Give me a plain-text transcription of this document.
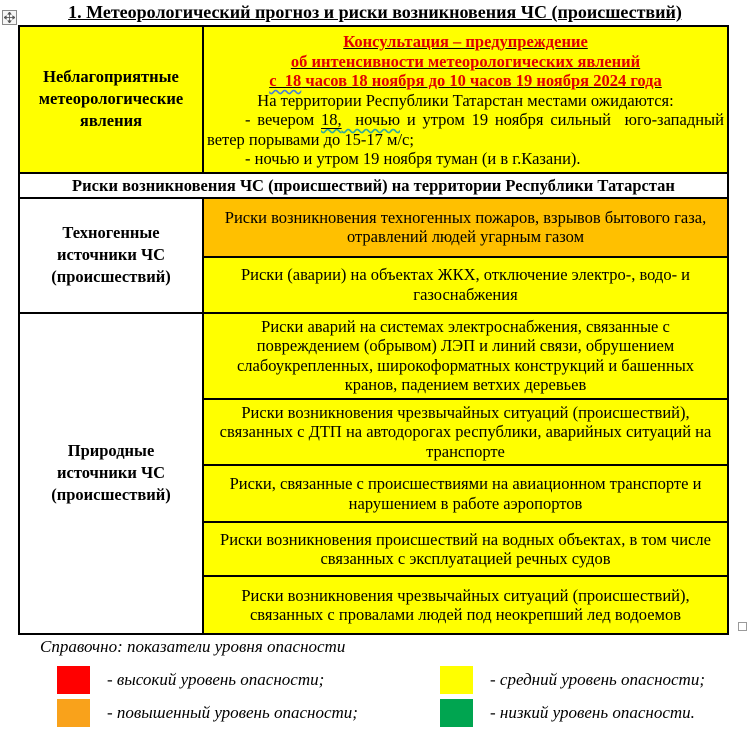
1. Метеорологический прогноз и риски возникновения ЧС (происшествий)
Неблагоприятные метеорологические явления

Консультация – предупреждение

об интенсивности метеорологических явлений

с  18 часов 18 ноября до 10 часов 19 ноября 2024 года

На территории Республики Татарстан местами ожидаются:

- вечером 18,  ночью и утром 19 ноября сильный  юго-западный ветер порывами до 15-17 м/с;

- ночью и утром 19 ноября туман (и в г.Казани).

Риски возникновения ЧС (происшествий) на территории Республики Татарстан
Техногенные источники ЧС (происшествий)
Риски возникновения техногенных пожаров, взрывов бытового газа, отравлений людей угарным газом
Риски (аварии) на объектах ЖКХ, отключение электро-, водо- и газоснабжения
Природные источники ЧС (происшествий)
Риски аварий на системах электроснабжения, связанные с повреждением (обрывом) ЛЭП и линий связи, обрушением слабоукрепленных, широкоформатных конструкций и башенных кранов, падением ветхих деревьев
Риски возникновения чрезвычайных ситуаций (происшествий), связанных с ДТП на автодорогах республики, аварийных ситуаций на транспорте
Риски, связанные с происшествиями на авиационном транспорте и нарушением в работе аэропортов
Риски возникновения происшествий на водных объектах, в том числе связанных с эксплуатацией речных судов
Риски возникновения чрезвычайных ситуаций (происшествий), связанных с провалами людей под неокрепший лед водоемов
Справочно: показатели уровня опасности
- высокий уровень опасности;	- средний уровень опасности;
- повышенный уровень опасности;	- низкий уровень опасности.
